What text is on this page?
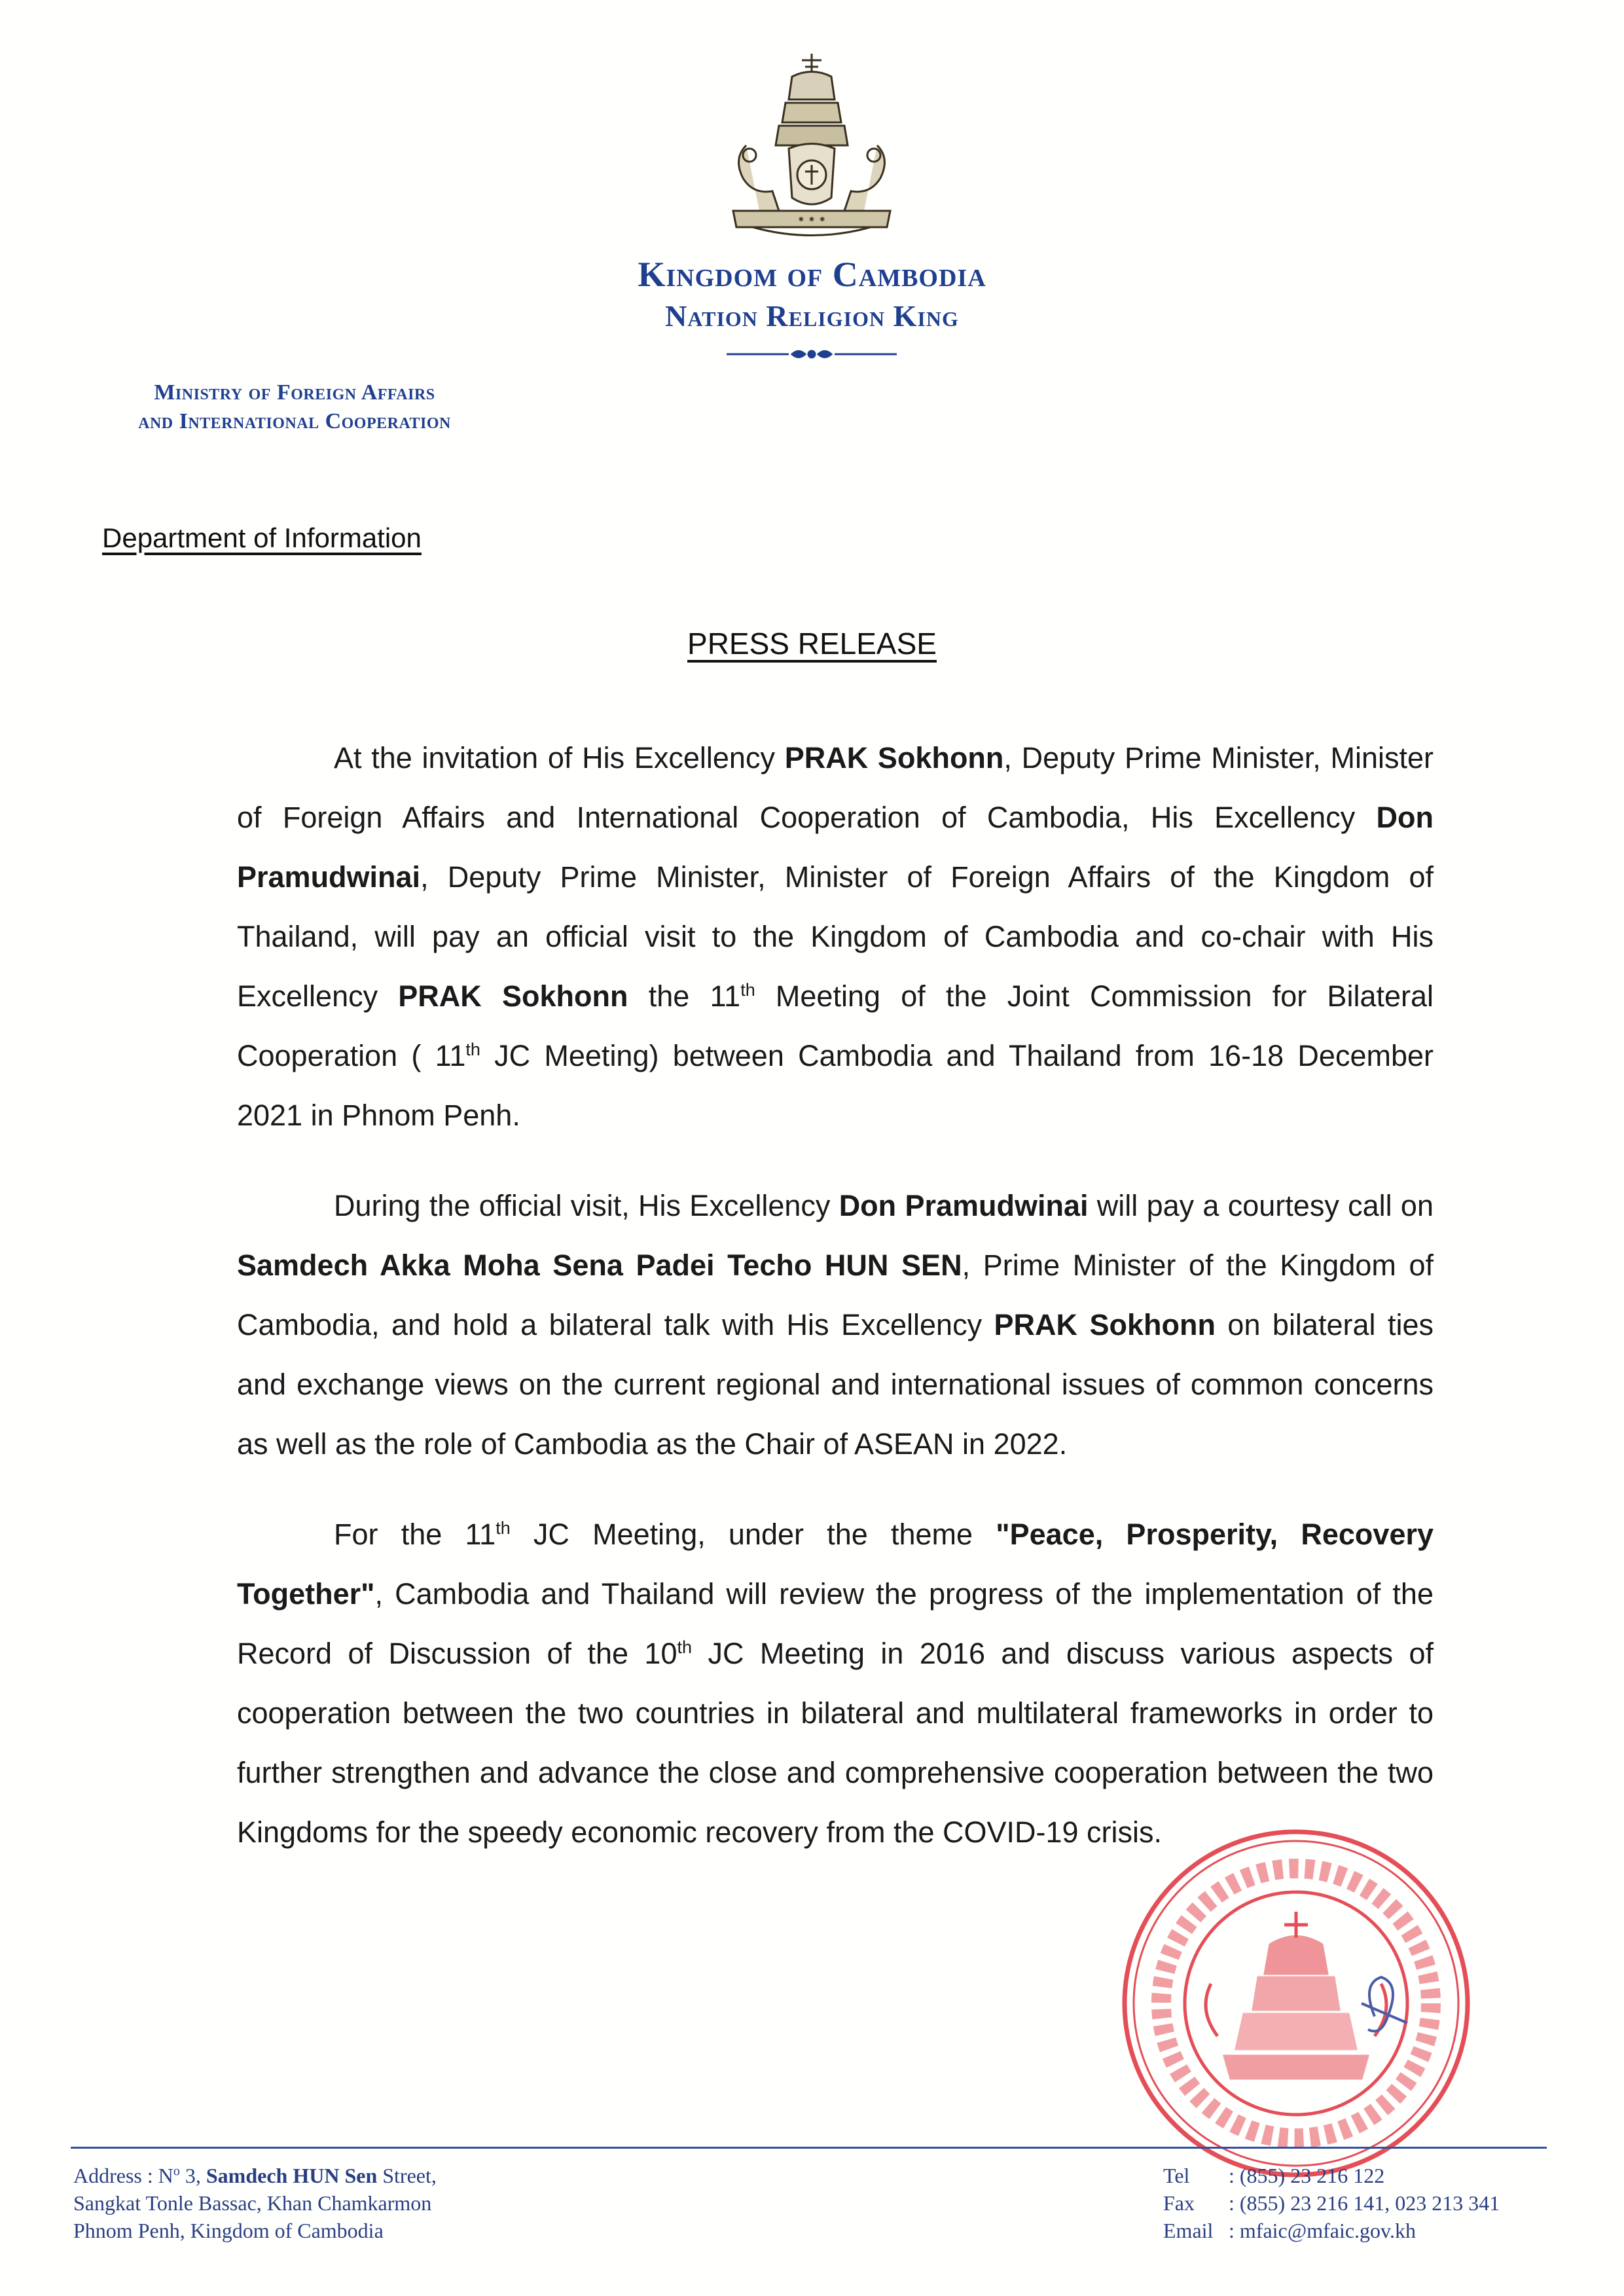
⁕ ⁕ ⁕
Kingdom of Cambodia
Nation Religion King
Ministry of Foreign Affairs
and International Cooperation
Department of Information
PRESS RELEASE

At the invitation of His Excellency PRAK Sokhonn, Deputy Prime Minister, Minister of Foreign Affairs and International Cooperation of Cambodia, His Excellency Don Pramudwinai, Deputy Prime Minister, Minister of Foreign Affairs of the Kingdom of Thailand, will pay an official visit to the Kingdom of Cambodia and co-chair with His Excellency PRAK Sokhonn the 11th Meeting of the Joint Commission for Bilateral Cooperation ( 11th JC Meeting) between Cambodia and Thailand from 16-18 December 2021 in Phnom Penh.

During the official visit, His Excellency Don Pramudwinai will pay a courtesy call on Samdech Akka Moha Sena Padei Techo HUN SEN, Prime Minister of the Kingdom of Cambodia, and hold a bilateral talk with His Excellency PRAK Sokhonn on bilateral ties and exchange views on the current regional and international issues of common concerns as well as the role of Cambodia as the Chair of ASEAN in 2022.

For the 11th JC Meeting, under the theme "Peace, Prosperity, Recovery Together", Cambodia and Thailand will review the progress of the implementation of the Record of Discussion of the 10th JC Meeting in 2016 and discuss various aspects of cooperation between the two countries in bilateral and multilateral frameworks in order to further strengthen and advance the close and comprehensive cooperation between the two Kingdoms for the speedy economic recovery from the COVID-19 crisis.

Address : $N^o$ 3, Samdech HUN Sen Street,
Sangkat Tonle Bassac, Khan Chamkarmon
Phnom Penh, Kingdom of Cambodia
Tel	: (855) 23 216 122
Fax	: (855) 23 216 141, 023 213 341
Email : mfaic@mfaic.gov.kh
